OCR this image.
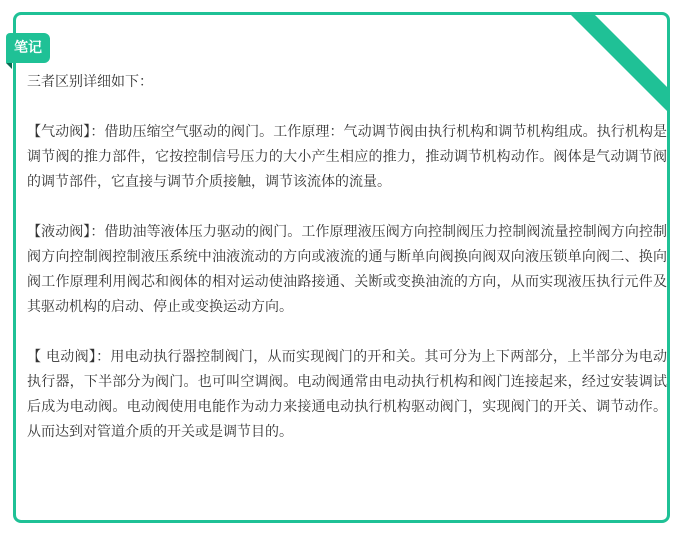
笔记

三者区别详细如下：

【气动阀】：借助压缩空气驱动的阀门。工作原理：气动调节阀由执行机构和调节机构组成。执行机构是调节阀的推力部件，它按控制信号压力的大小产生相应的推力，推动调节机构动作。阀体是气动调节阀的调节部件，它直接与调节介质接触，调节该流体的流量。

【液动阀】：借助油等液体压力驱动的阀门。工作原理液压阀方向控制阀压力控制阀流量控制阀方向控制阀方向控制阀控制液压系统中油液流动的方向或液流的通与断单向阀换向阀双向液压锁单向阀二、换向阀工作原理利用阀芯和阀体的相对运动使油路接通、关断或变换油流的方向，从而实现液压执行元件及其驱动机构的启动、停止或变换运动方向。

【 电动阀】：用电动执行器控制阀门，从而实现阀门的开和关。其可分为上下两部分，上半部分为电动执行器，下半部分为阀门。也可叫空调阀。电动阀通常由电动执行机构和阀门连接起来，经过安装调试后成为电动阀。电动阀使用电能作为动力来接通电动执行机构驱动阀门，实现阀门的开关、调节动作。从而达到对管道介质的开关或是调节目的。
